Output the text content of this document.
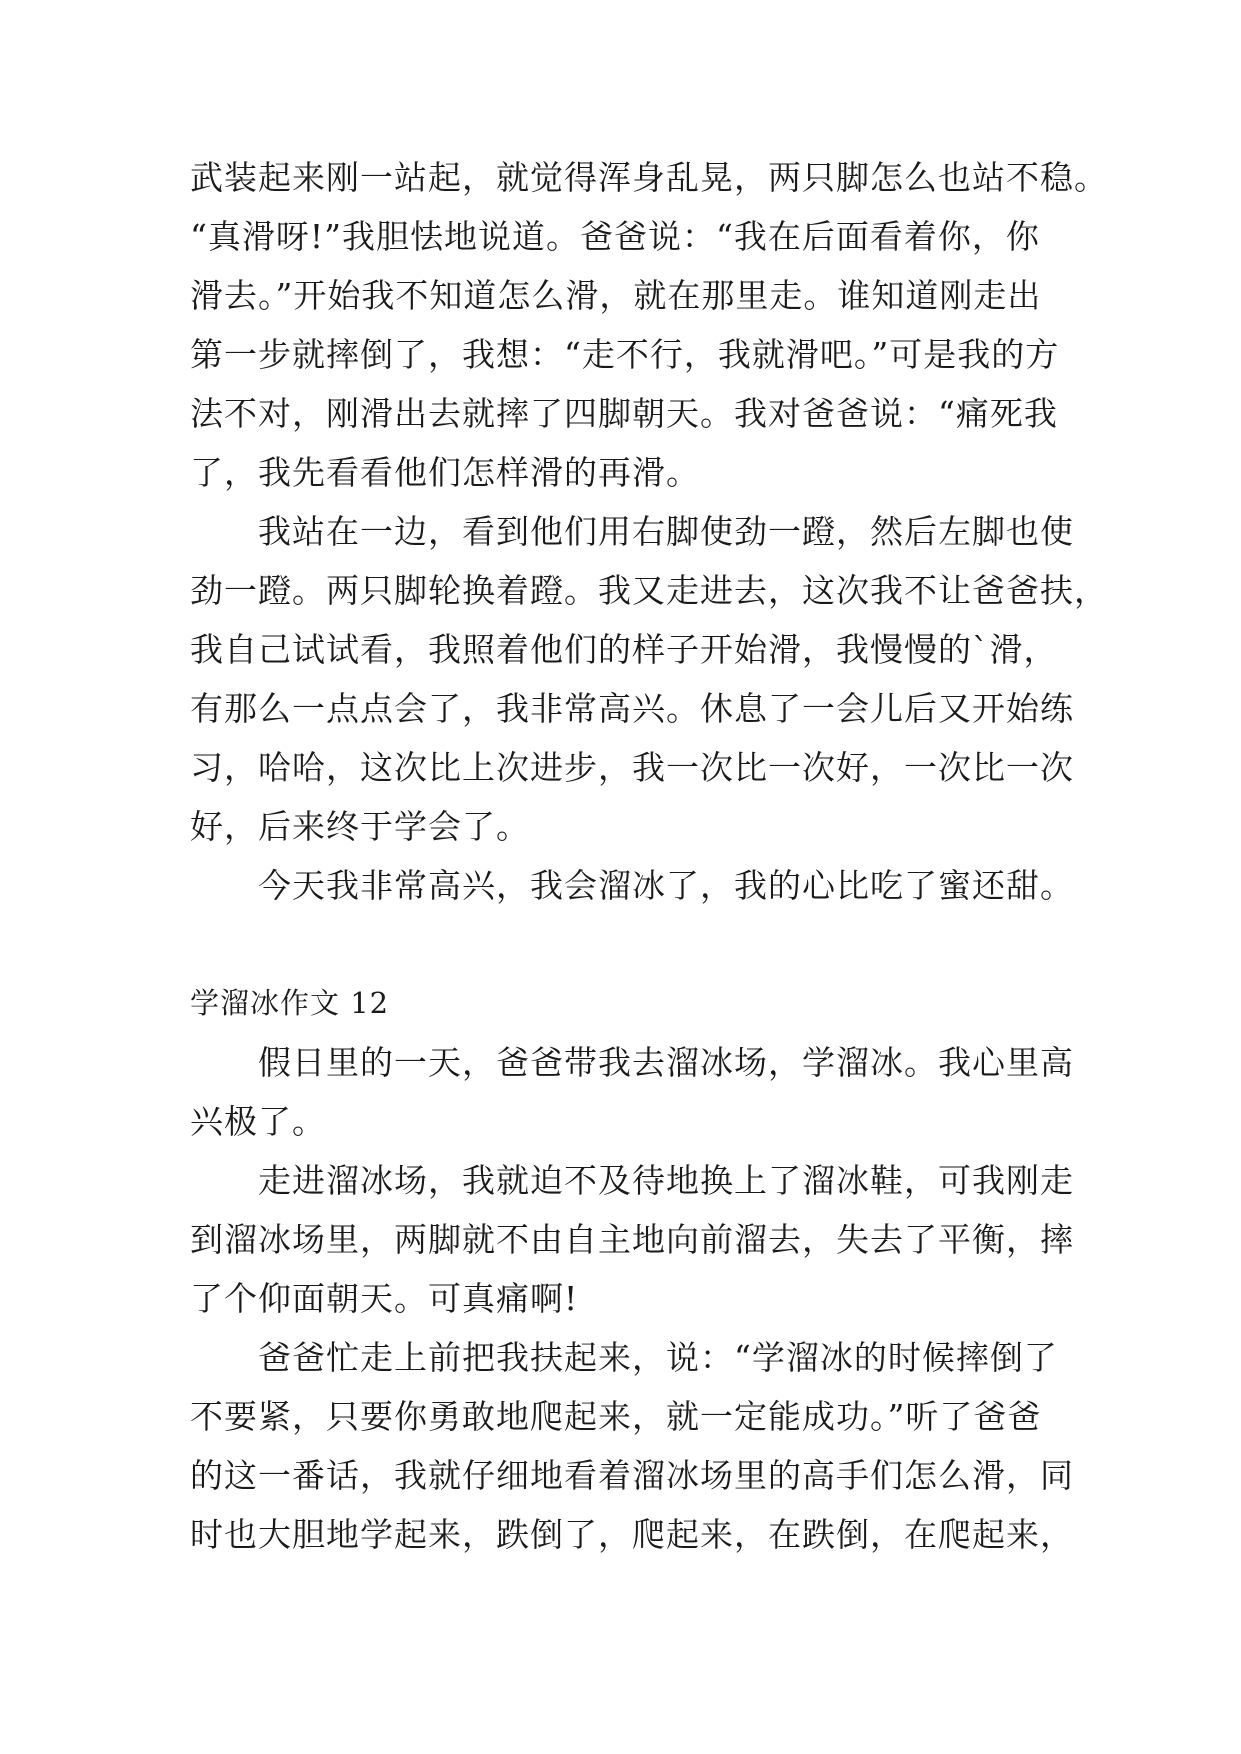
武装起来刚一站起，就觉得浑身乱晃，两只脚怎么也站不稳。
“真滑呀!”我胆怯地说道。爸爸说：“我在后面看着你，你
滑去。”开始我不知道怎么滑，就在那里走。谁知道刚走出
第一步就摔倒了，我想：“走不行，我就滑吧。”可是我的方
法不对，刚滑出去就摔了四脚朝天。我对爸爸说：“痛死我
了，我先看看他们怎样滑的再滑。
我站在一边，看到他们用右脚使劲一蹬，然后左脚也使
劲一蹬。两只脚轮换着蹬。我又走进去，这次我不让爸爸扶，
我自己试试看，我照着他们的样子开始滑，我慢慢的`滑，
有那么一点点会了，我非常高兴。休息了一会儿后又开始练
习，哈哈，这次比上次进步，我一次比一次好，一次比一次
好，后来终于学会了。
今天我非常高兴，我会溜冰了，我的心比吃了蜜还甜。
学溜冰作文 12
假日里的一天，爸爸带我去溜冰场，学溜冰。我心里高
兴极了。
走进溜冰场，我就迫不及待地换上了溜冰鞋，可我刚走
到溜冰场里，两脚就不由自主地向前溜去，失去了平衡，摔
了个仰面朝天。可真痛啊!
爸爸忙走上前把我扶起来，说：“学溜冰的时候摔倒了
不要紧，只要你勇敢地爬起来，就一定能成功。”听了爸爸
的这一番话，我就仔细地看着溜冰场里的高手们怎么滑，同
时也大胆地学起来，跌倒了，爬起来，在跌倒，在爬起来，
